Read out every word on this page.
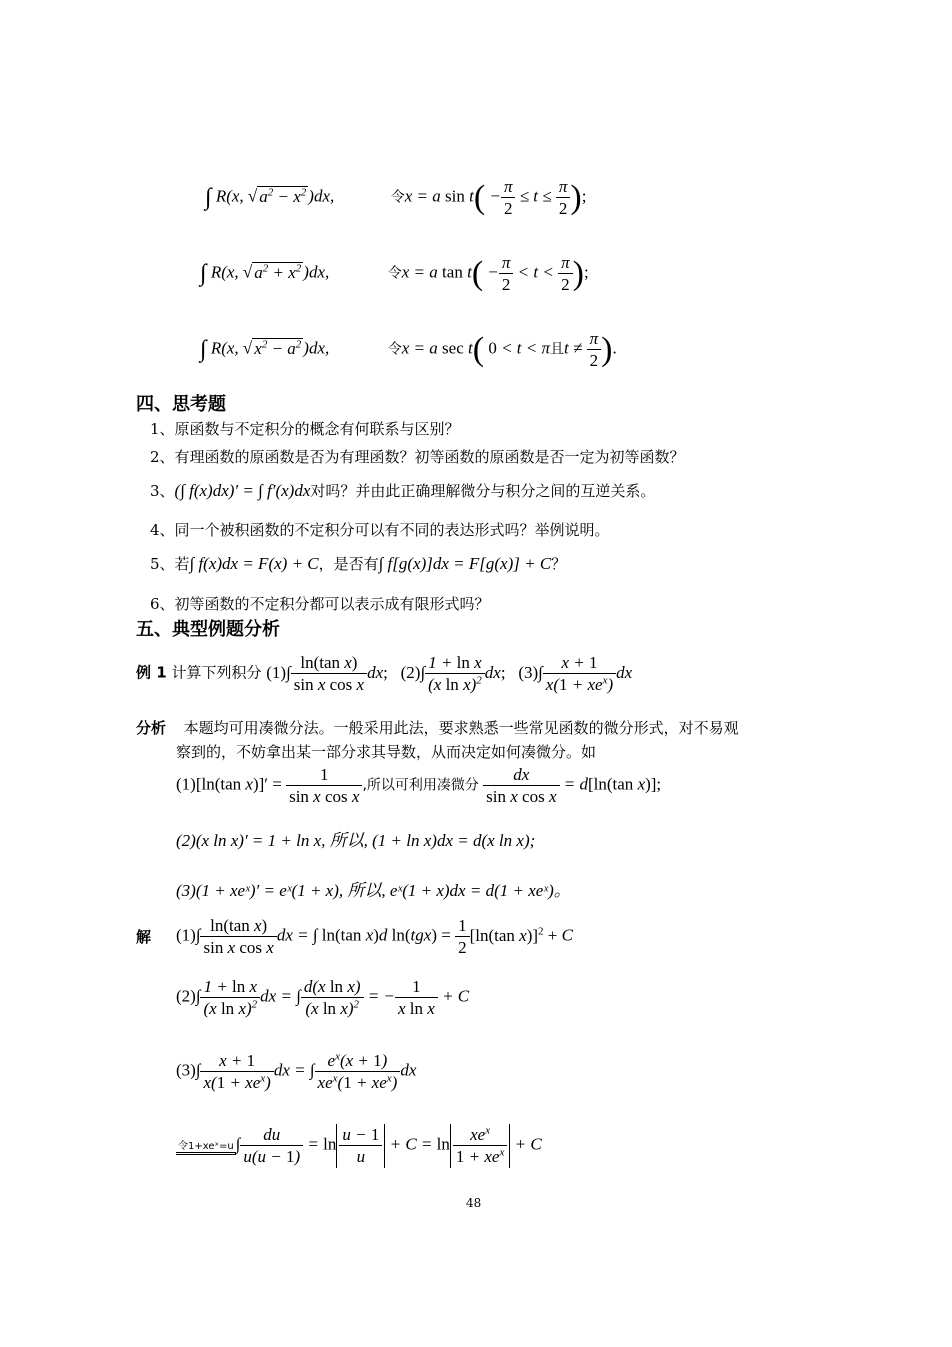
∫ R(x, √ $a^2 - x^2$ )dx,	令x = a $\sin t( - \frac{\pi}{2} \le t \le \frac{\pi}{2}$ );
∫ R(x, √ $a^2 + x^2$ )dx,	令x = a $\tan t( - \frac{\pi}{2} < t < \frac{\pi}{2}$ );
∫ R(x, √ $x^2 - a^2$ )dx,	令x = a sec t( 0 < t < π且$t \ne \frac{\pi}{2}$ ).
四、思考题
1、原函数与不定积分的概念有何联系与区别？
2、有理函数的原函数是否为有理函数？初等函数的原函数是否一定为初等函数？
3、(∫ f(x)dx)′ = ∫ f′(x)dx对吗？并由此正确理解微分与积分之间的互逆关系。
4、同一个被积函数的不定积分可以有不同的表达形式吗？举例说明。
5、若∫ f(x)dx = F(x) + C，是否有∫ f[g(x)]dx = F[g(x)] + C？
6、初等函数的不定积分都可以表示成有限形式吗？
五、典型例题分析
例 1 计算下列积分 $(1)\int \frac{\text{ln(tan x)}}{\text{sin x cos x}}$ dx; $(2)\int \frac{\text{1 + ln x}}{(x \ln x)^2}$ dx; $(3)\int \frac{x + 1}{x(1 + xe^x)}$ dx
分析 本题均可用凑微分法。一般采用此法，要求熟悉一些常见函数的微分形式，对不易观
察到的，不妨拿出某一部分求其导数，从而决定如何凑微分。如
(1)[ln(tan $x)]' = \frac{1}{\text{sin x cos x}}$ ,所以可利用凑微分 $\frac{dx}{\text{sin x cos x}} = d[\ln(\tan$ x)];
(2)(x ln x)′ = 1 + ln x, 所以, (1 + ln x)dx = d(x ln x);
(3)(1 + xeˣ)′ = eˣ(1 + x), 所以, eˣ(1 + x)dx = d(1 + xeˣ)。
解 $(1)\int \frac{\text{ln(tan x)}}{\text{sin x cos x}}$ dx = ∫ ln(tan x)d $\ln(tgx) = \frac{1}{2} [\ln(\tan$ x)]$^2$ + C
$(2)\int \frac{\text{1 + ln x}}{(x \ln x)^2}$ dx = ∫ $\frac{\text{d(x ln x)}}{(x \ln x)^2}$ = − $\frac{1}{\text{x ln x}} + C$
$(3)\int \frac{x + 1}{x(1 + xe^x)}$ dx = ∫ $\frac{e^x(x + 1)}{xe^x(1 + xe^x)}$ dx
令1+xeˣ=u ∫ $\frac{du}{u(u - 1)} = \ln \frac{u - 1}{u} + C = \ln \frac{xe^x}{1 + xe^x} + C$
48
